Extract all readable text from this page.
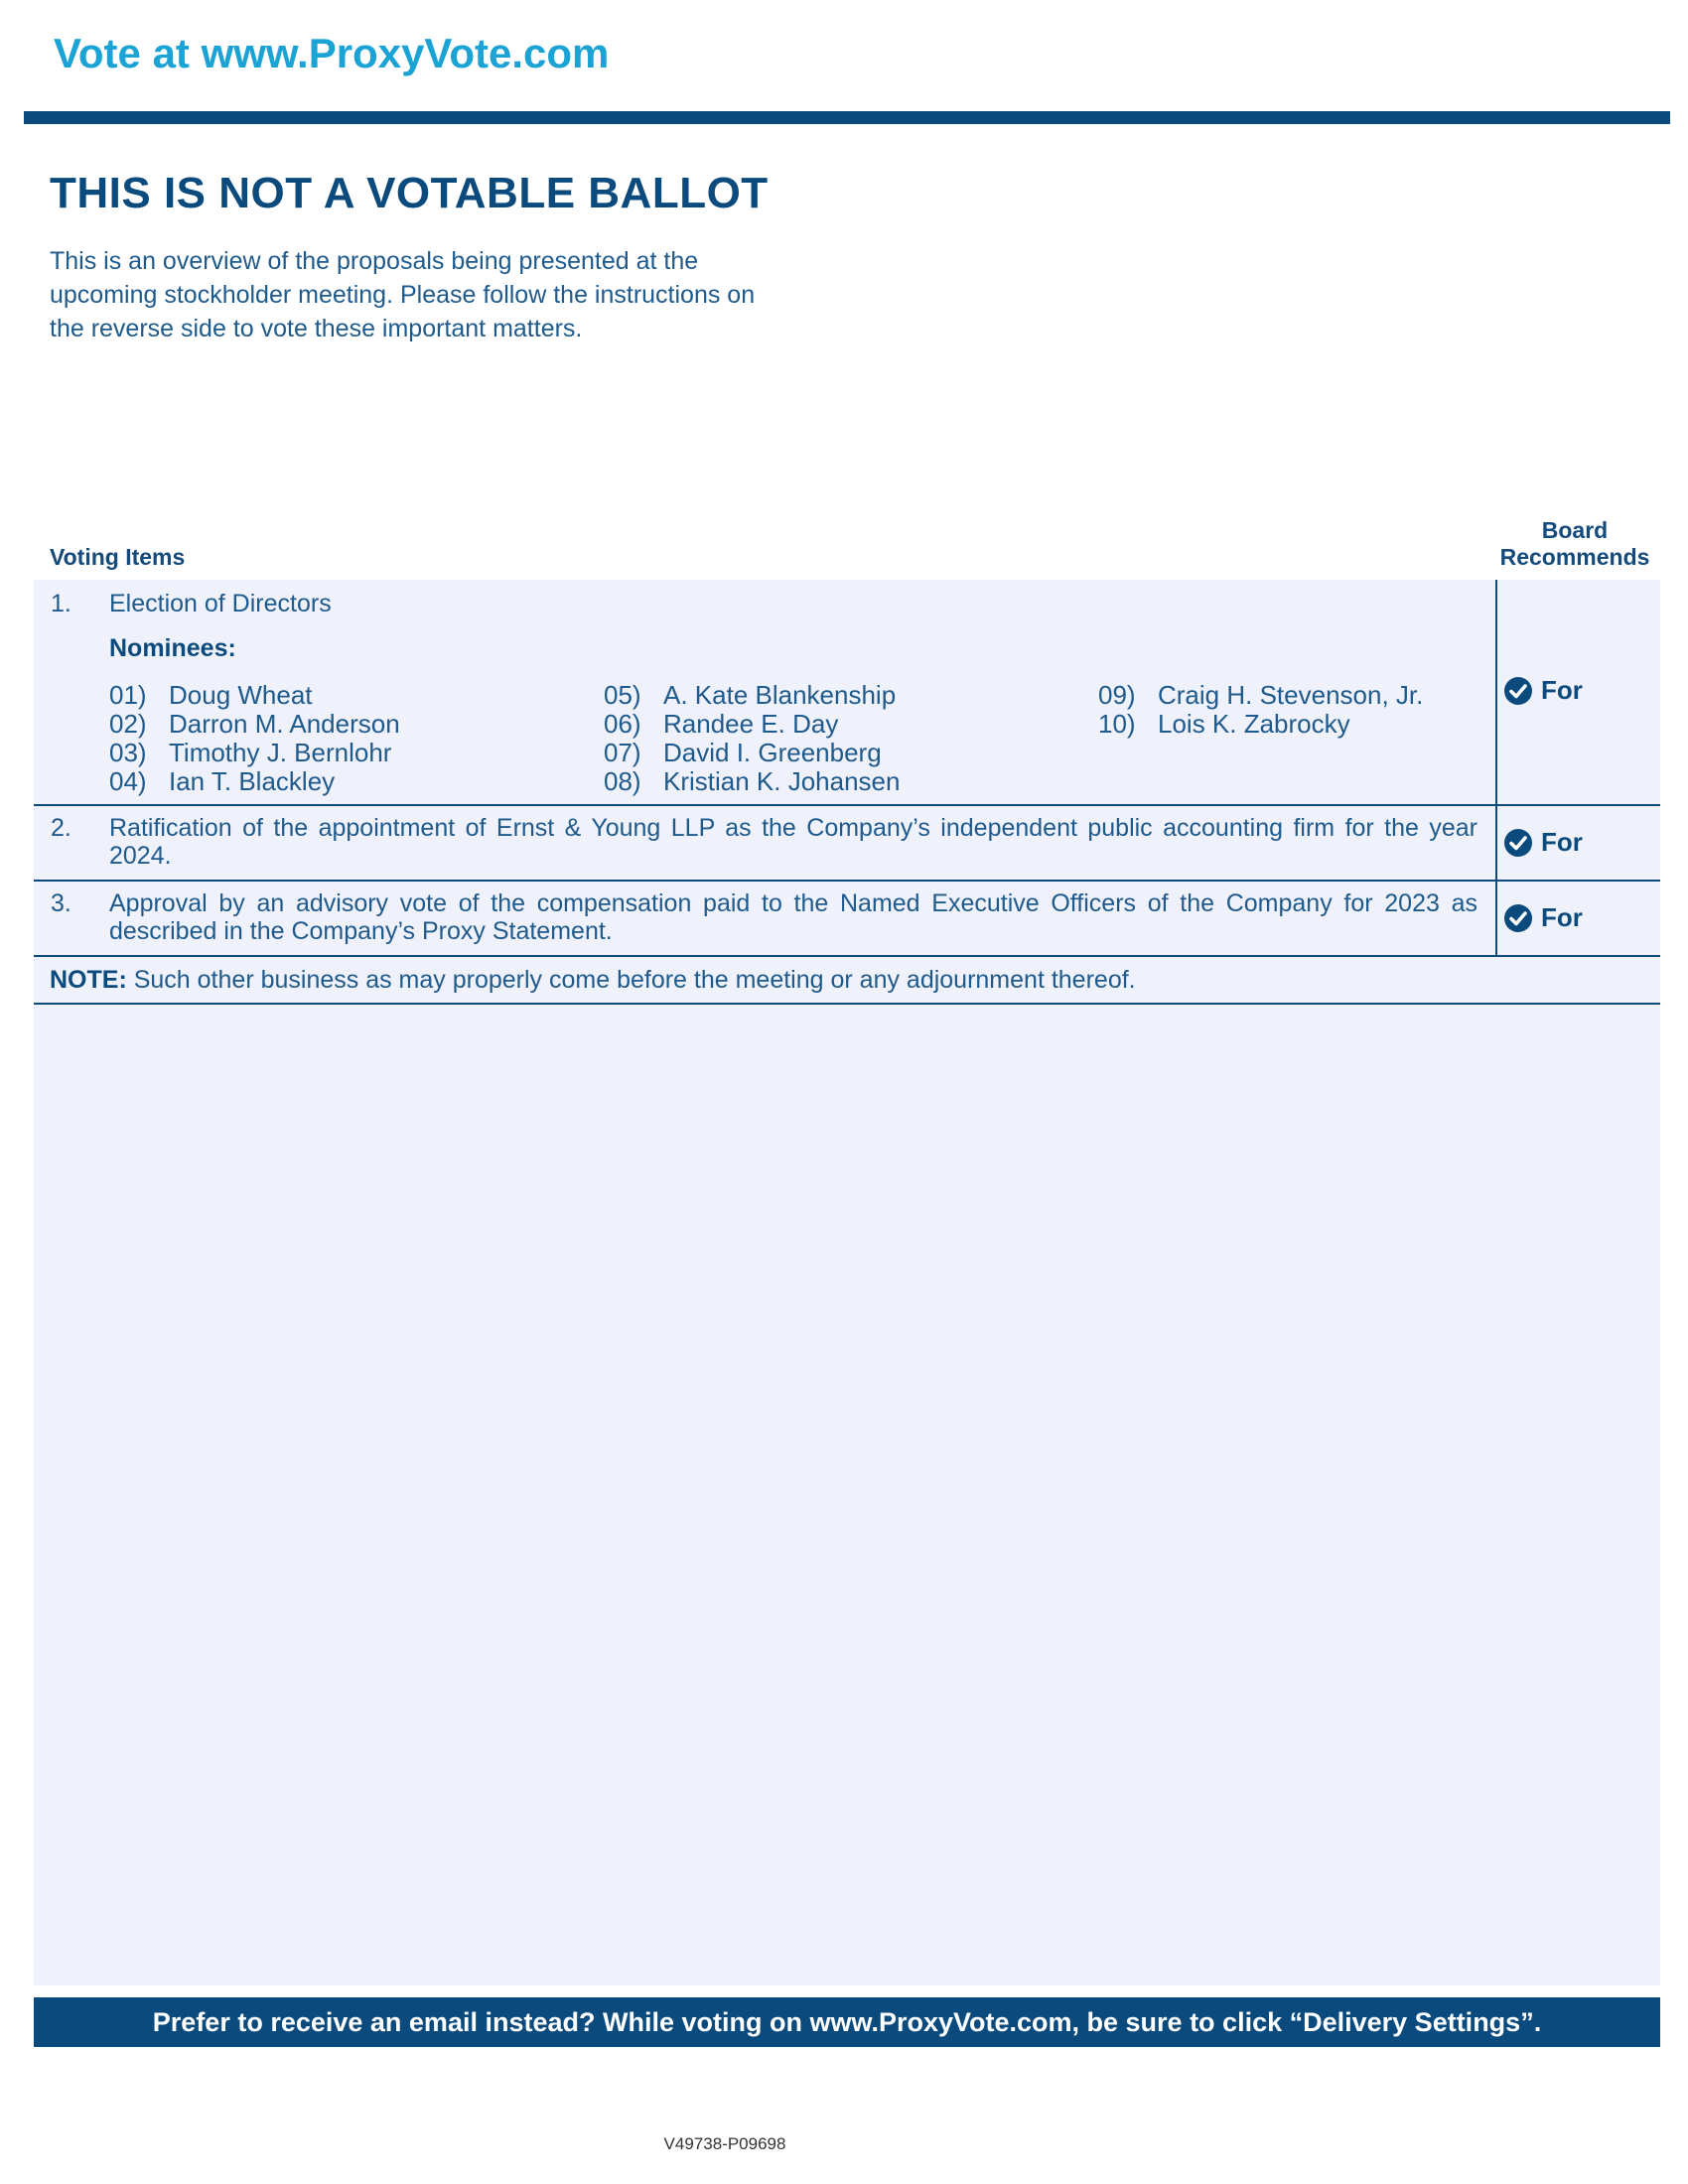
Vote at www.ProxyVote.com
THIS IS NOT A VOTABLE BALLOT
This is an overview of the proposals being presented at the
upcoming stockholder meeting. Please follow the instructions on
the reverse side to vote these important matters.
Voting Items
Board
Recommends
1. Election of Directors
Nominees:
01) Doug Wheat
02) Darron M. Anderson
03) Timothy J. Bernlohr
04) Ian T. Blackley
05) A. Kate Blankenship
06) Randee E. Day
07) David I. Greenberg
08) Kristian K. Johansen
09) Craig H. Stevenson, Jr.
10) Lois K. Zabrocky
For
2. Ratification of the appointment of Ernst & Young LLP as the Company’s independent public accounting firm for the year 2024.	For
3. Approval by an advisory vote of the compensation paid to the Named Executive Officers of the Company for 2023 as described in the Company’s Proxy Statement.	For
NOTE: Such other business as may properly come before the meeting or any adjournment thereof.
Prefer to receive an email instead? While voting on www.ProxyVote.com, be sure to click “Delivery Settings”.
V49738-P09698
